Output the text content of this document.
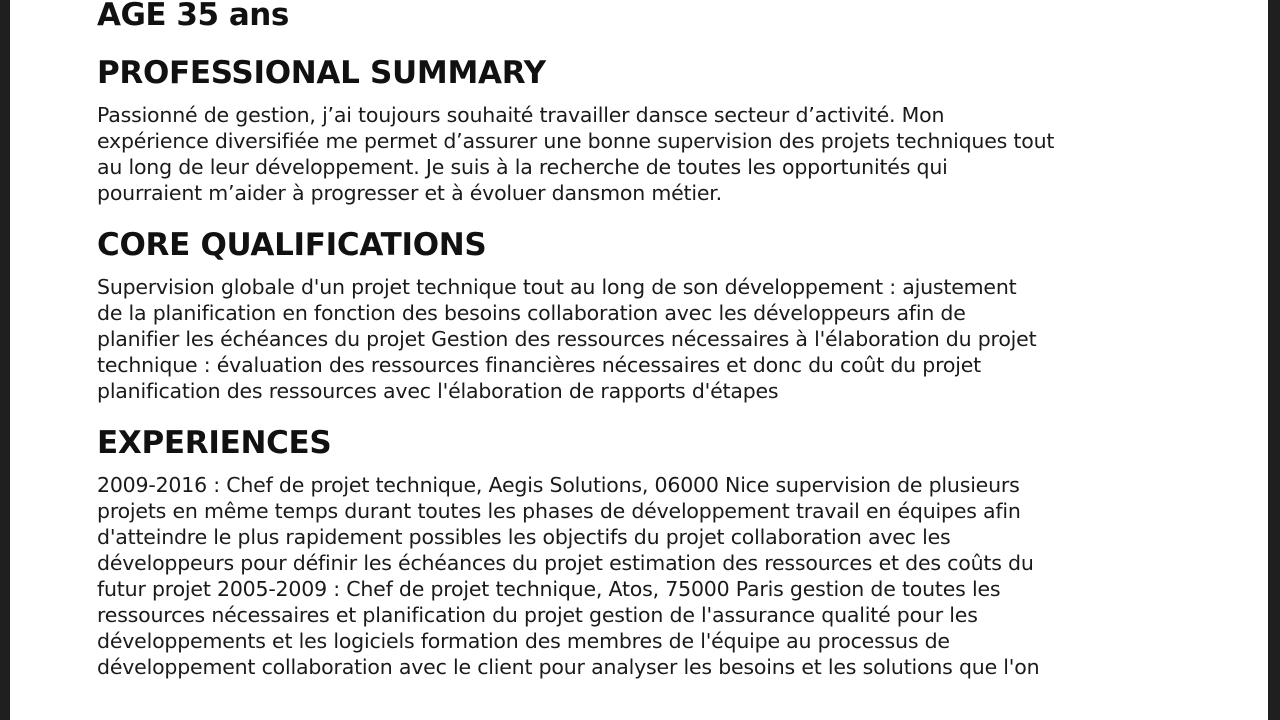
AGE 35 ans
PROFESSIONAL SUMMARY
Passionné de gestion, j’ai toujours souhaité travailler dansce secteur d’activité. Mon
expérience diversifiée me permet d’assurer une bonne supervision des projets techniques tout
au long de leur développement. Je suis à la recherche de toutes les opportunités qui
pourraient m’aider à progresser et à évoluer dansmon métier.
CORE QUALIFICATIONS
Supervision globale d'un projet technique tout au long de son développement : ajustement
de la planification en fonction des besoins collaboration avec les développeurs afin de
planifier les échéances du projet Gestion des ressources nécessaires à l'élaboration du projet
technique : évaluation des ressources financières nécessaires et donc du coût du projet
planification des ressources avec l'élaboration de rapports d'étapes
EXPERIENCES
2009-2016 : Chef de projet technique, Aegis Solutions, 06000 Nice supervision de plusieurs
projets en même temps durant toutes les phases de développement travail en équipes afin
d'atteindre le plus rapidement possibles les objectifs du projet collaboration avec les
développeurs pour définir les échéances du projet estimation des ressources et des coûts du
futur projet 2005-2009 : Chef de projet technique, Atos, 75000 Paris gestion de toutes les
ressources nécessaires et planification du projet gestion de l'assurance qualité pour les
développements et les logiciels formation des membres de l'équipe au processus de
développement collaboration avec le client pour analyser les besoins et les solutions que l'on
